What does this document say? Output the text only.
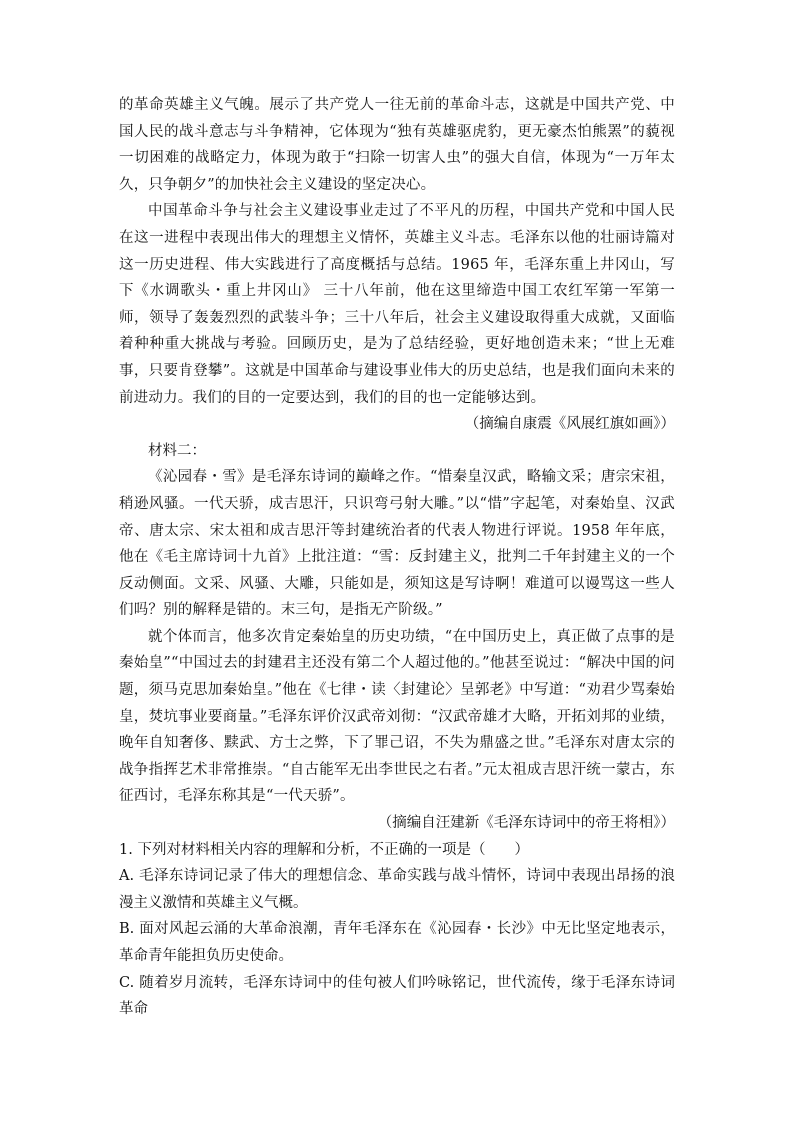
的革命英雄主义气魄。展示了共产党人一往无前的革命斗志，这就是中国共产党、中国人民的战斗意志与斗争精神，它体现为“独有英雄驱虎豹，更无豪杰怕熊罴”的藐视一切困难的战略定力，体现为敢于“扫除一切害人虫”的强大自信，体现为“一万年太久，只争朝夕”的加快社会主义建设的坚定决心。

中国革命斗争与社会主义建设事业走过了不平凡的历程，中国共产党和中国人民在这一进程中表现出伟大的理想主义情怀，英雄主义斗志。毛泽东以他的壮丽诗篇对这一历史进程、伟大实践进行了高度概括与总结。1965 年，毛泽东重上井冈山，写下《水调歌头・重上井冈山》 三十八年前，他在这里缔造中国工农红军第一军第一师，领导了轰轰烈烈的武装斗争；三十八年后，社会主义建设取得重大成就，又面临着种种重大挑战与考验。回顾历史，是为了总结经验，更好地创造未来；“世上无难事，只要肯登攀”。这就是中国革命与建设事业伟大的历史总结，也是我们面向未来的前进动力。我们的目的一定要达到，我们的目的也一定能够达到。

（摘编自康震《风展红旗如画》）

材料二：

《沁园春・雪》是毛泽东诗词的巅峰之作。“惜秦皇汉武，略输文采；唐宗宋祖，稍逊风骚。一代天骄，成吉思汗，只识弯弓射大雕。”以“惜”字起笔，对秦始皇、汉武帝、唐太宗、宋太祖和成吉思汗等封建统治者的代表人物进行评说。1958 年年底，他在《毛主席诗词十九首》上批注道：“雪：反封建主义，批判二千年封建主义的一个反动侧面。文采、风骚、大雕，只能如是，须知这是写诗啊！难道可以谩骂这一些人们吗？别的解释是错的。末三句，是指无产阶级。”

就个体而言，他多次肯定秦始皇的历史功绩，“在中国历史上，真正做了点事的是秦始皇”“中国过去的封建君主还没有第二个人超过他的。”他甚至说过：“解决中国的问题，须马克思加秦始皇。”他在《七律・读〈封建论〉呈郭老》中写道：“劝君少骂秦始皇，焚坑事业要商量。”毛泽东评价汉武帝刘彻：“汉武帝雄才大略，开拓刘邦的业绩，晚年自知奢侈、黩武、方士之弊，下了罪己诏，不失为鼎盛之世。”毛泽东对唐太宗的战争指挥艺术非常推崇。“自古能军无出李世民之右者。”元太祖成吉思汗统一蒙古，东征西讨，毛泽东称其是“一代天骄”。

（摘编自汪建新《毛泽东诗词中的帝王将相》）

1. 下列对材料相关内容的理解和分析，不正确的一项是（　　）

A. 毛泽东诗词记录了伟大的理想信念、革命实践与战斗情怀，诗词中表现出昂扬的浪漫主义激情和英雄主义气概。

B. 面对风起云涌的大革命浪潮，青年毛泽东在《沁园春・长沙》中无比坚定地表示，革命青年能担负历史使命。

C. 随着岁月流转，毛泽东诗词中的佳句被人们吟咏铭记，世代流传，缘于毛泽东诗词革命
